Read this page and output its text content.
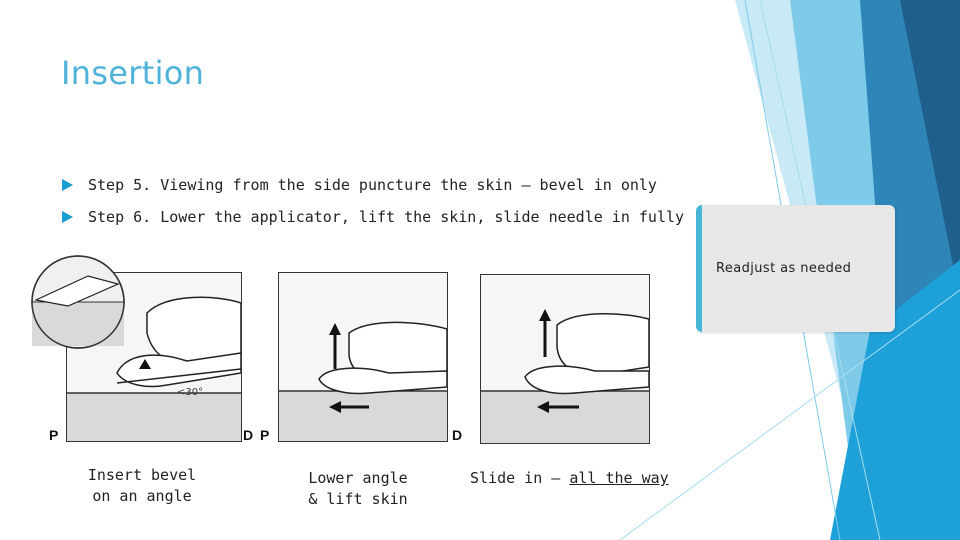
Insertion
Step 5. Viewing from the side puncture the skin – bevel in only
Step 6. Lower the applicator, lift the skin, slide needle in fully
Readjust as needed
<30°
P	D P	D
Insert bevel
on an angle
Lower angle
& lift skin
Slide in – all the way
